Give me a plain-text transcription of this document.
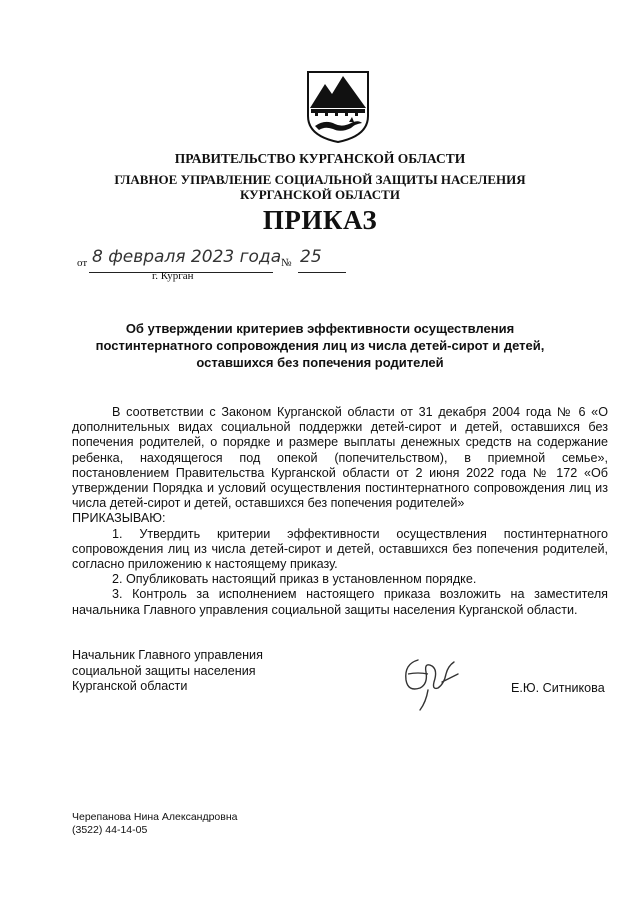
ПРАВИТЕЛЬСТВО КУРГАНСКОЙ ОБЛАСТИ
ГЛАВНОЕ УПРАВЛЕНИЕ СОЦИАЛЬНОЙ ЗАЩИТЫ НАСЕЛЕНИЯ
КУРГАНСКОЙ ОБЛАСТИ
ПРИКАЗ
от 8 февраля 2023 года № 25
г. Курган
Об утверждении критериев эффективности осуществления постинтернатного сопровождения лиц из числа детей-сирот и детей, оставшихся без попечения родителей

В соответствии с Законом Курганской области от 31 декабря 2004 года № 6 «О дополнительных видах социальной поддержки детей-сирот и детей, оставшихся без попечения родителей, о порядке и размере выплаты денежных средств на содержание ребенка, находящегося под опекой (попечительством), в приемной семье», постановлением Правительства Курганской области от 2 июня 2022 года № 172 «Об утверждении Порядка и условий осуществления постинтернатного сопровождения лиц из числа детей-сирот и детей, оставшихся без попечения родителей»

ПРИКАЗЫВАЮ:

1. Утвердить критерии эффективности осуществления постинтернатного сопровождения лиц из числа детей-сирот и детей, оставшихся без попечения родителей, согласно приложению к настоящему приказу.

2. Опубликовать настоящий приказ в установленном порядке.

3. Контроль за исполнением настоящего приказа возложить на заместителя начальника Главного управления социальной защиты населения Курганской области.

Начальник Главного управления
социальной защиты населения
Курганской области	Е.Ю. Ситникова
Черепанова Нина Александровна
(3522) 44-14-05
